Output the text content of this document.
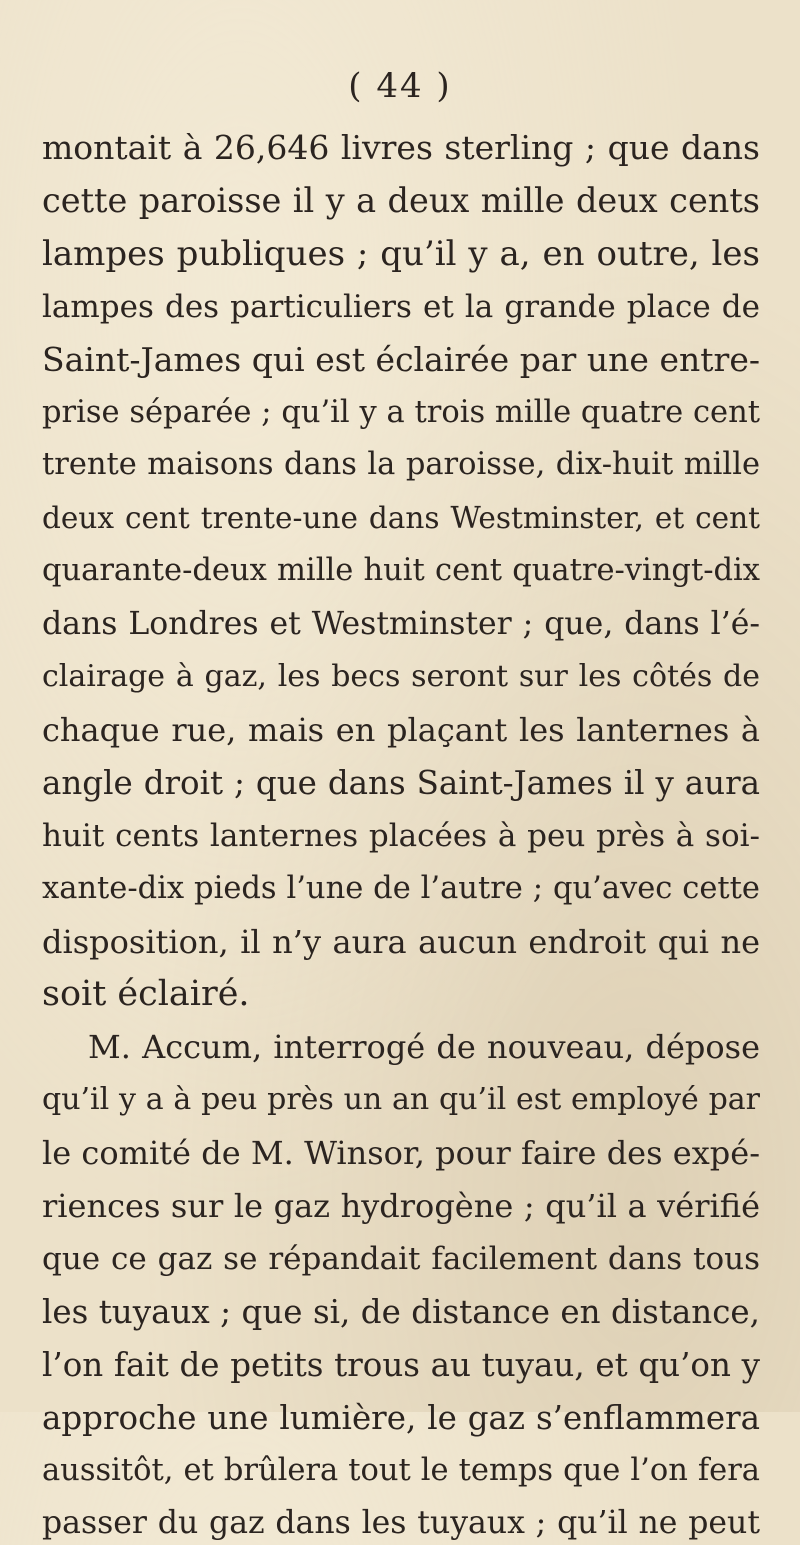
( 44 )
montait à 26,646 livres sterling ; que dans
cette paroisse il y a deux mille deux cents
lampes publiques ; qu’il y a, en outre, les
lampes des particuliers et la grande place de
Saint-James qui est éclairée par une entre-
prise séparée ; qu’il y a trois mille quatre cent
trente maisons dans la paroisse, dix-huit mille
deux cent trente-une dans Westminster, et cent
quarante-deux mille huit cent quatre-vingt-dix
dans Londres et Westminster ; que, dans l’é-
clairage à gaz, les becs seront sur les côtés de
chaque rue, mais en plaçant les lanternes à
angle droit ; que dans Saint-James il y aura
huit cents lanternes placées à peu près à soi-
xante-dix pieds l’une de l’autre ; qu’avec cette
disposition, il n’y aura aucun endroit qui ne
soit éclairé.
M. Accum, interrogé de nouveau, dépose
qu’il y a à peu près un an qu’il est employé par
le comité de M. Winsor, pour faire des expé-
riences sur le gaz hydrogène ; qu’il a vérifié
que ce gaz se répandait facilement dans tous
les tuyaux ; que si, de distance en distance,
l’on fait de petits trous au tuyau, et qu’on y
approche une lumière, le gaz s’enflammera
aussitôt, et brûlera tout le temps que l’on fera
passer du gaz dans les tuyaux ; qu’il ne peut
